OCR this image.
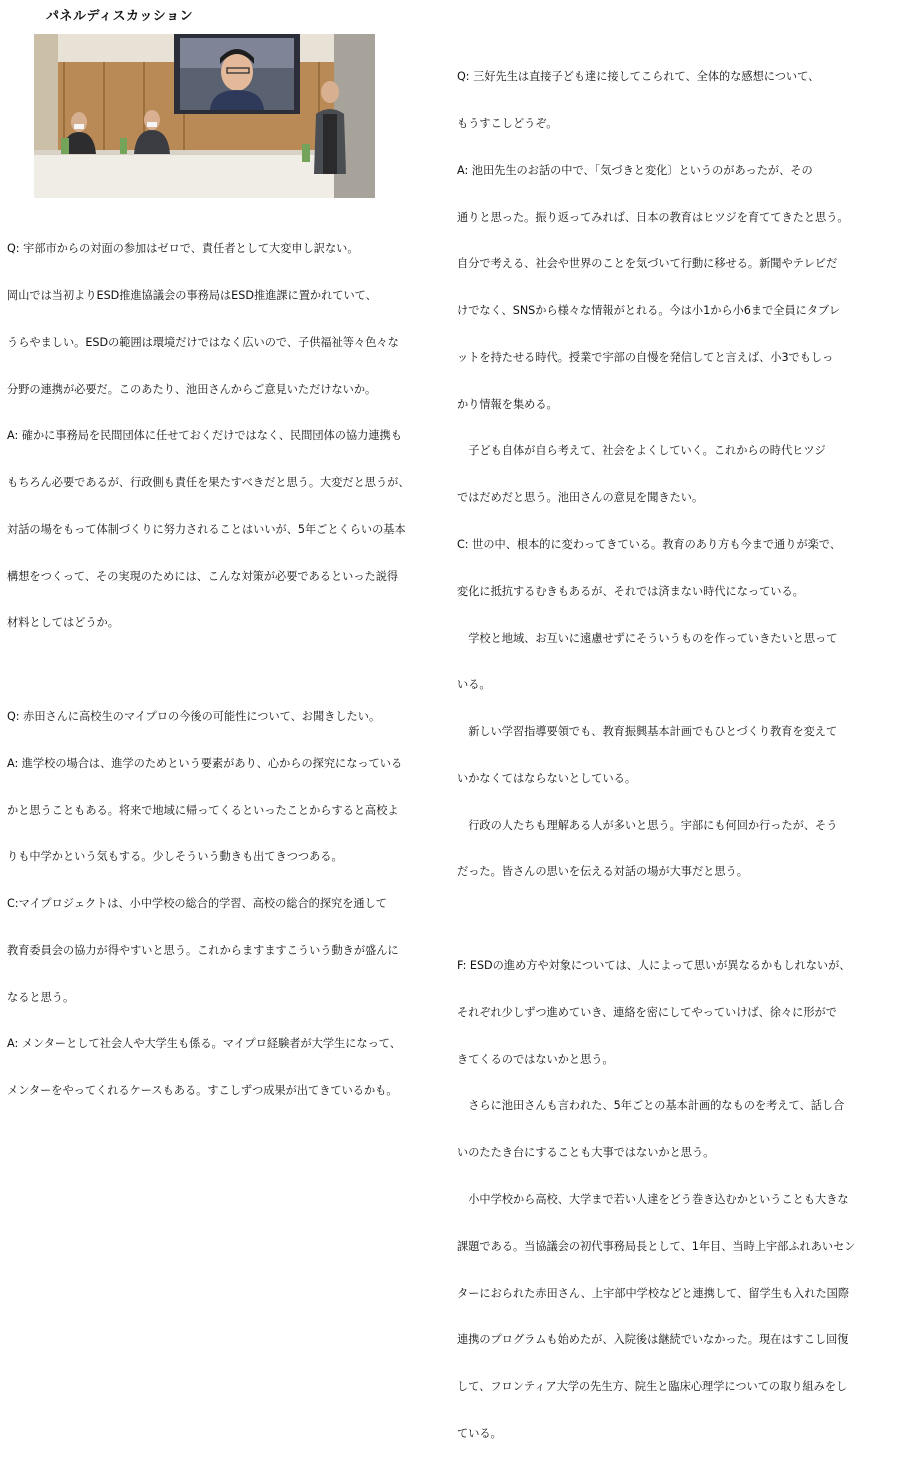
パネルディスカッション

Q: 宇部市からの対面の参加はゼロで、責任者として大変申し訳ない。

岡山では当初よりESD推進協議会の事務局はESD推進課に置かれていて、

うらやましい。ESDの範囲は環境だけではなく広いので、子供福祉等々色々な

分野の連携が必要だ。このあたり、池田さんからご意見いただけないか。

A: 確かに事務局を民間団体に任せておくだけではなく、民間団体の協力連携も

もちろん必要であるが、行政側も責任を果たすべきだと思う。大変だと思うが、

対話の場をもって体制づくりに努力されることはいいが、5年ごとくらいの基本

構想をつくって、その実現のためには、こんな対策が必要であるといった説得

材料としてはどうか。

Q: 赤田さんに高校生のマイプロの今後の可能性について、お聞きしたい。

A: 進学校の場合は、進学のためという要素があり、心からの探究になっている

かと思うこともある。将来で地域に帰ってくるといったことからすると高校よ

りも中学かという気もする。少しそういう動きも出てきつつある。

C:マイプロジェクトは、小中学校の総合的学習、高校の総合的探究を通して

教育委員会の協力が得やすいと思う。これからますますこういう動きが盛んに

なると思う。

A: メンターとして社会人や大学生も係る。マイプロ経験者が大学生になって、

メンターをやってくれるケースもある。すこしずつ成果が出てきているかも。

Q: 三好先生は直接子ども達に接してこられて、全体的な感想について、

もうすこしどうぞ。

A: 池田先生のお話の中で、「気づきと変化〕というのがあったが、その

通りと思った。振り返ってみれば、日本の教育はヒツジを育ててきたと思う。

自分で考える、社会や世界のことを気づいて行動に移せる。新聞やテレビだ

けでなく、SNSから様々な情報がとれる。今は小1から小6まで全員にタブレ

ットを持たせる時代。授業で宇部の自慢を発信してと言えば、小3でもしっ

かり情報を集める。

　子ども自体が自ら考えて、社会をよくしていく。これからの時代ヒツジ

ではだめだと思う。池田さんの意見を聞きたい。

C: 世の中、根本的に変わってきている。教育のあり方も今まで通りが楽で、

変化に抵抗するむきもあるが、それでは済まない時代になっている。

　学校と地域、お互いに遠慮せずにそういうものを作っていきたいと思って

いる。

　新しい学習指導要領でも、教育振興基本計画でもひとづくり教育を変えて

いかなくてはならないとしている。

　行政の人たちも理解ある人が多いと思う。宇部にも何回か行ったが、そう

だった。皆さんの思いを伝える対話の場が大事だと思う。

F: ESDの進め方や対象については、人によって思いが異なるかもしれないが、

それぞれ少しずつ進めていき、連絡を密にしてやっていけば、徐々に形がで

きてくるのではないかと思う。

　さらに池田さんも言われた、5年ごとの基本計画的なものを考えて、話し合

いのたたき台にすることも大事ではないかと思う。

　小中学校から高校、大学まで若い人達をどう巻き込むかということも大きな

課題である。当協議会の初代事務局長として、1年目、当時上宇部ふれあいセン

ターにおられた赤田さん、上宇部中学校などと連携して、留学生も入れた国際

連携のプログラムも始めたが、入院後は継続でいなかった。現在はすこし回復

して、フロンティア大学の先生方、院生と臨床心理学についての取り組みをし

ている。
